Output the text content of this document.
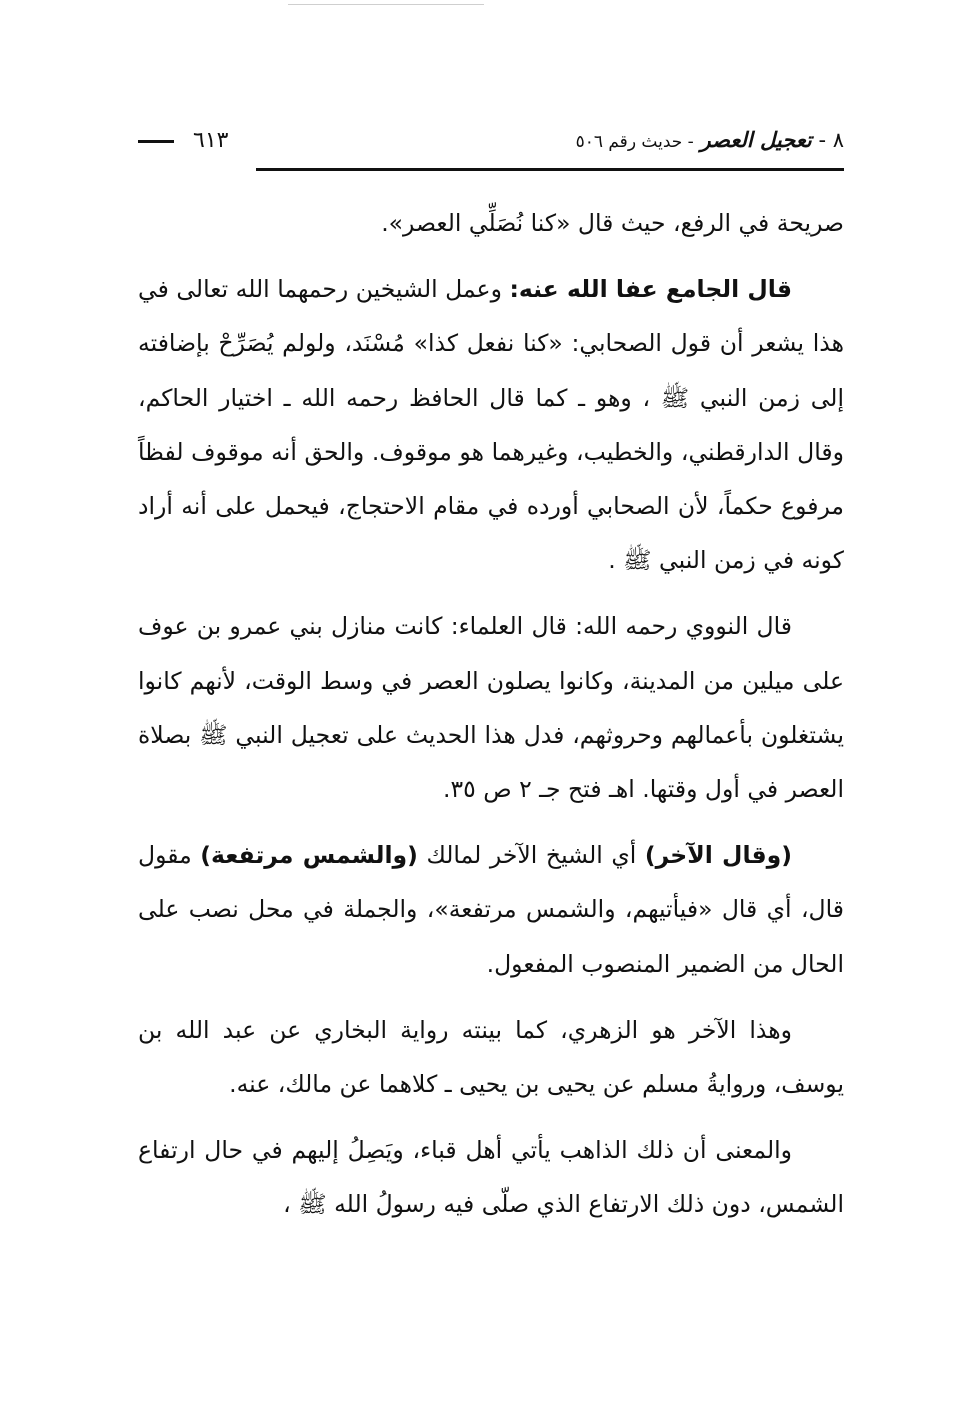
٨ - تعجيل العصر - حديث رقم ٥٠٦
٦١٣

صريحة في الرفع، حيث قال «كنا نُصَلِّي العصر».

قال الجامع عفا الله عنه: وعمل الشيخين رحمهما الله تعالى في هذا يشعر أن قول الصحابي: «كنا نفعل كذا» مُسْنَد، ولولم يُصَرِّحْ بإضافته إلى زمن النبي ﷺ ، وهو ـ كما قال الحافظ رحمه الله ـ اختيار الحاكم، وقال الدارقطني، والخطيب، وغيرهما هو موقوف. والحق أنه موقوف لفظاً مرفوع حكماً، لأن الصحابي أورده في مقام الاحتجاج، فيحمل على أنه أراد كونه في زمن النبي ﷺ .

قال النووي رحمه الله: قال العلماء: كانت منازل بني عمرو بن عوف على ميلين من المدينة، وكانوا يصلون العصر في وسط الوقت، لأنهم كانوا يشتغلون بأعمالهم وحروثهم، فدل هذا الحديث على تعجيل النبي ﷺ بصلاة العصر في أول وقتها. اهـ فتح جـ ٢ ص ٣٥.

(وقال الآخر) أي الشيخ الآخر لمالك (والشمس مرتفعة) مقول قال، أي قال «فيأتيهم، والشمس مرتفعة»، والجملة في محل نصب على الحال من الضمير المنصوب المفعول.

وهذا الآخر هو الزهري، كما بينته رواية البخاري عن عبد الله بن يوسف، وروايةُ مسلم عن يحيى بن يحيى ـ كلاهما عن مالك، عنه.

والمعنى أن ذلك الذاهب يأتي أهل قباء، ويَصِلُ إليهم في حال ارتفاع الشمس، دون ذلك الارتفاع الذي صلّى فيه رسولُ الله ﷺ ،
